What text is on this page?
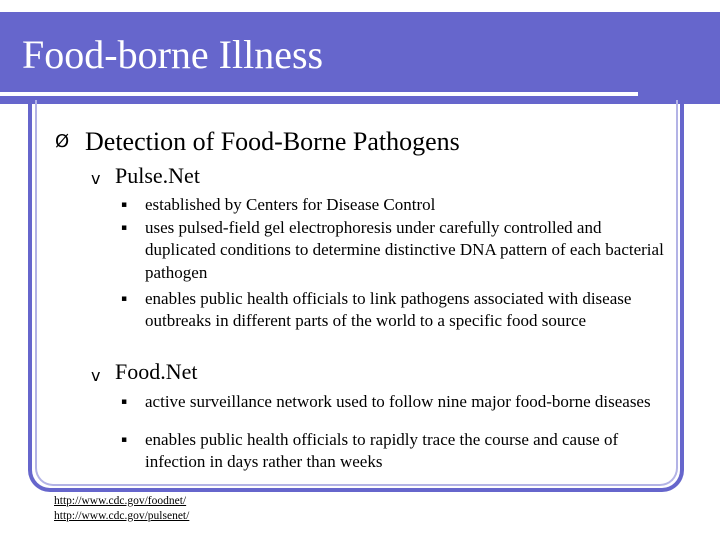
Food-borne Illness
Ø Detection of Food-Borne Pathogens
v Pulse.Net
▪ established by Centers for Disease Control
▪ uses pulsed-field gel electrophoresis under carefully controlled and duplicated conditions to determine distinctive DNA pattern of each bacterial pathogen
▪ enables public health officials to link pathogens associated with disease outbreaks in different parts of the world to a specific food source
v Food.Net
▪ active surveillance network used to follow nine major food-borne diseases
▪ enables public health officials to rapidly trace the course and cause of infection in days rather than weeks
http://www.cdc.gov/foodnet/
http://www.cdc.gov/pulsenet/
